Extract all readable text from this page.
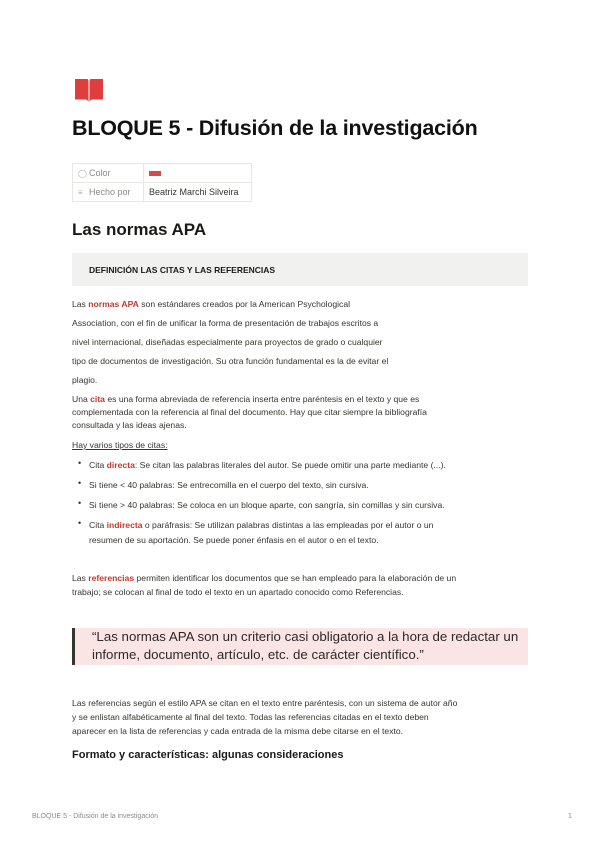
BLOQUE 5 - Difusión de la investigación
◯ Color	
≡ Hecho por	Beatriz Marchi Silveira
Las normas APA
DEFINICIÓN LAS CITAS Y LAS REFERENCIAS

Las normas APA son estándares creados por la American Psychological

Association, con el fin de unificar la forma de presentación de trabajos escritos a

nivel internacional, diseñadas especialmente para proyectos de grado o cualquier

tipo de documentos de investigación. Su otra función fundamental es la de evitar el

plagio.

Una cita es una forma abreviada de referencia inserta entre paréntesis en el texto y que es

complementada con la referencia al final del documento. Hay que citar siempre la bibliografía

consultada y las ideas ajenas.

Hay varios tipos de citas:

• Cita directa: Se citan las palabras literales del autor. Se puede omitir una parte mediante (...).

• Si tiene < 40 palabras: Se entrecomilla en el cuerpo del texto, sin cursiva.

• Si tiene > 40 palabras: Se coloca en un bloque aparte, con sangría, sin comillas y sin cursiva.

• Cita indirecta o paráfrasis: Se utilizan palabras distintas a las empleadas por el autor o un

resumen de su aportación. Se puede poner énfasis en el autor o en el texto.

Las referencias permiten identificar los documentos que se han empleado para la elaboración de un

trabajo; se colocan al final de todo el texto en un apartado conocido como Referencias.

“Las normas APA son un criterio casi obligatorio a la hora de redactar un

informe, documento, artículo, etc. de carácter científico.”

Las referencias según el estilo APA se citan en el texto entre paréntesis, con un sistema de autor año

y se enlistan alfabéticamente al final del texto. Todas las referencias citadas en el texto deben

aparecer en la lista de referencias y cada entrada de la misma debe citarse en el texto.

Formato y características: algunas consideraciones
BLOQUE 5 - Difusión de la investigación	1
